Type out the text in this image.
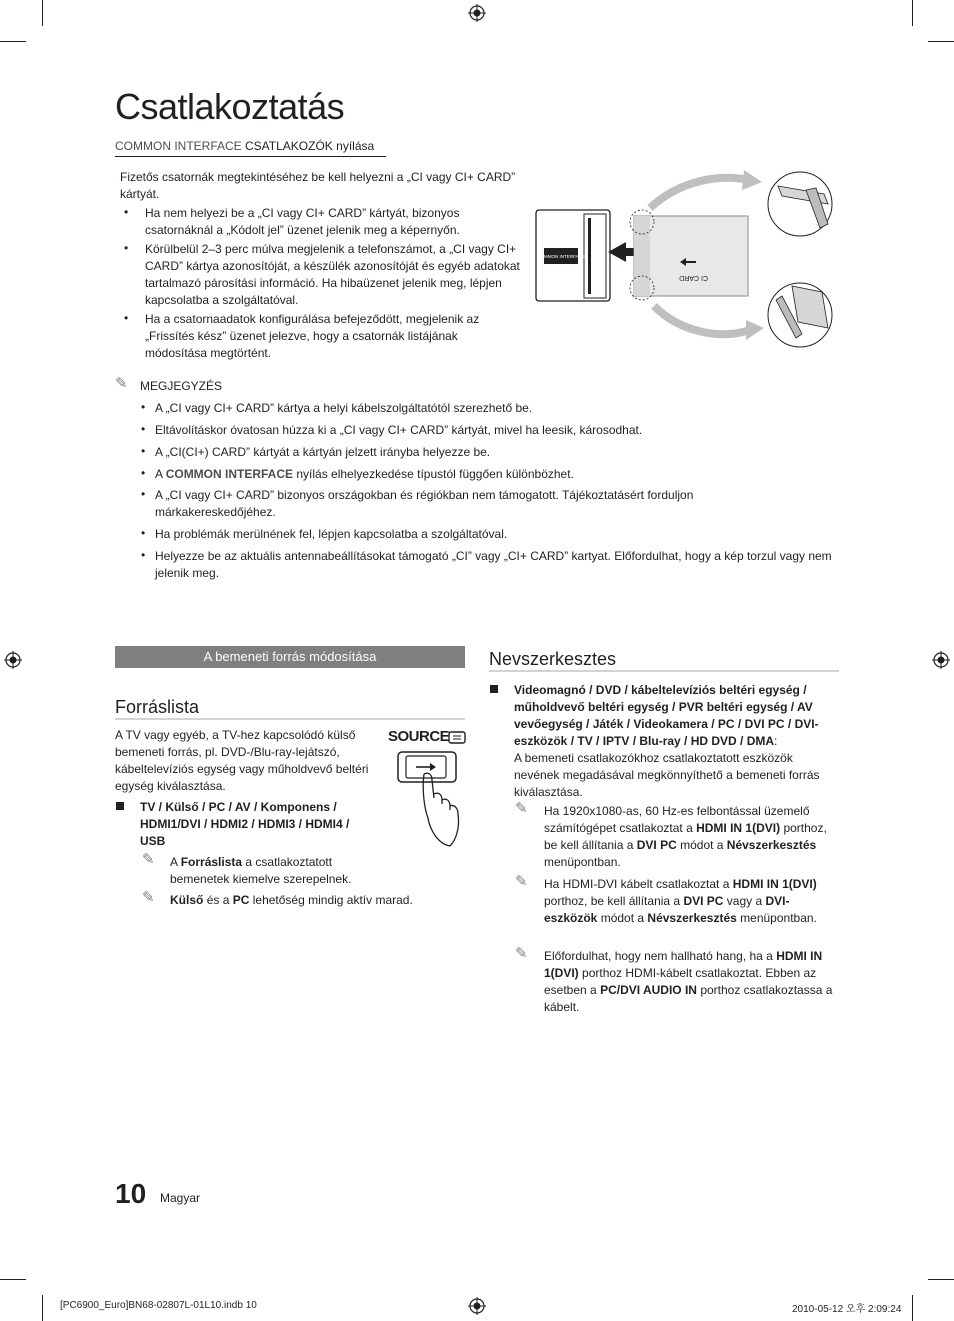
Csatlakoztatás
COMMON INTERFACE CSATLAKOZÓK nyílása
Fizetős csatornák megtekintéséhez be kell helyezni a „CI vagy CI+ CARD” kártyát.
• Ha nem helyezi be a „CI vagy CI+ CARD” kártyát, bizonyos csatornáknál a „Kódolt jel” üzenet jelenik meg a képernyőn.
• Körülbelül 2–3 perc múlva megjelenik a telefonszámot, a „CI vagy CI+ CARD” kártya azonosítóját, a készülék azonosítóját és egyéb adatokat tartalmazó párosítási információ. Ha hibaüzenet jelenik meg, lépjen kapcsolatba a szolgáltatóval.
• Ha a csatornaadatok konfigurálása befejeződött, megjelenik az „Frissítés kész” üzenet jelezve, hogy a csatornák listájának módosítása megtörtént.
COMMON INTERFACE
CI CARD
✎ MEGJEGYZÉS
• A „CI vagy CI+ CARD” kártya a helyi kábelszolgáltatótól szerezhető be.
• Eltávolításkor óvatosan húzza ki a „CI vagy CI+ CARD” kártyát, mivel ha leesik, károsodhat.
• A „CI(CI+) CARD” kártyát a kártyán jelzett irányba helyezze be.
• A COMMON INTERFACE nyílás elhelyezkedése típustól függően különbözhet.
• A „CI vagy CI+ CARD” bizonyos országokban és régiókban nem támogatott. Tájékoztatásért forduljon márkakereskedőjéhez.
• Ha problémák merülnének fel, lépjen kapcsolatba a szolgáltatóval.
• Helyezze be az aktuális antennabeállításokat támogató „CI” vagy „CI+ CARD” kartyat. Előfordulhat, hogy a kép torzul vagy nem jelenik meg.
A bemeneti forrás módosítása
Forráslista
A TV vagy egyéb, a TV-hez kapcsolódó külső bemeneti forrás, pl. DVD-/Blu-ray-lejátszó, kábeltelevíziós egység vagy műholdvevő beltéri egység kiválasztása.
SOURCE
TV / Külső / PC / AV / Komponens / HDMI1/DVI / HDMI2 / HDMI3 / HDMI4 / USB
✎ A Forráslista a csatlakoztatott bemenetek kiemelve szerepelnek.
✎ Külső és a PC lehetőség mindig aktív marad.
Nevszerkesztes
Videomagnó / DVD / kábeltelevíziós beltéri egység / műholdvevő beltéri egység / PVR beltéri egység / AV vevőegység / Játék / Videokamera / PC / DVI PC / DVI-eszközök / TV / IPTV / Blu-ray / HD DVD / DMA:
A bemeneti csatlakozókhoz csatlakoztatott eszközök nevének megadásával megkönnyíthető a bemeneti forrás kiválasztása.
✎ Ha 1920x1080-as, 60 Hz-es felbontással üzemelő számítógépet csatlakoztat a HDMI IN 1(DVI) porthoz, be kell állítania a DVI PC módot a Névszerkesztés menüpontban.
✎ Ha HDMI-DVI kábelt csatlakoztat a HDMI IN 1(DVI) porthoz, be kell állítania a DVI PC vagy a DVI-eszközök módot a Névszerkesztés menüpontban.
✎ Előfordulhat, hogy nem hallható hang, ha a HDMI IN 1(DVI) porthoz HDMI-kábelt csatlakoztat. Ebben az esetben a PC/DVI AUDIO IN porthoz csatlakoztassa a kábelt.
10 Magyar
[PC6900_Euro]BN68-02807L-01L10.indb 10	2010-05-12 오후 2:09:24
